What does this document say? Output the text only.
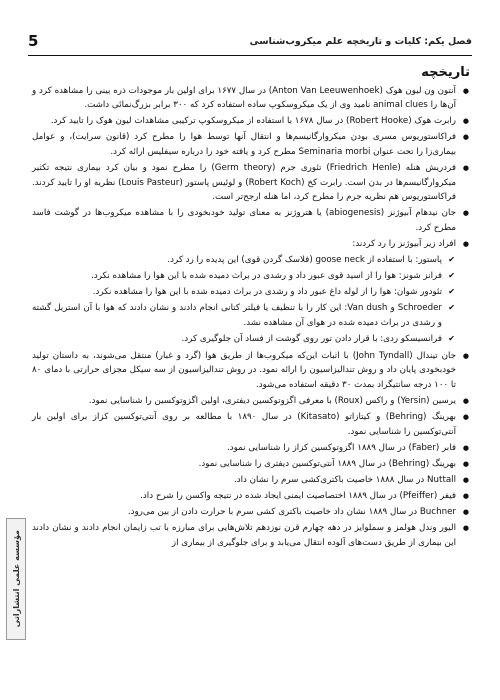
فصل یکم: کلیات و تاریخچه علم میکروب‌شناسی
5
مؤسسه علمی انتشاراتی
تاریخچه
● آنتون ون لیون هوک (Anton Van Leeuwenhoek) در سال ۱۶۷۷ برای اولین بار موجودات ذره بینی را مشاهده کرد و آن‌ها را animal clues نامید وی از یک میکروسکوپ ساده استفاده کرد که ۳۰۰ برابر بزرگ‌نمائی داشت.
● رابرت هوک (Robert Hooke) در سال ۱۶۷۸ با استفاده از میکروسکوپ ترکیبی مشاهدات لیون هوک را تایید کرد.
● فراکاستوریوس مسری بودن میکروارگانیسم‌ها و انتقال آنها توسط هوا را مطرح کرد (قانون سرایت)، و عوامل بیماری‌زا را تحت عنوان Seminaria morbi مطرح کرد و یافته خود را درباره سیفلیس ارائه کرد.
● فردریش هنله (Friedrich Henle) تئوری جرم (Germ theory) را مطرح نمود و بیان کرد بیماری نتیجه تکثیر میکروارگانیسم‌ها در بدن است. رابرت کخ (Robert Koch) و لوئیس پاستور (Louis Pasteur) نظریه او را تایید کردند. فراکاستوریوس هم نظریه جرم را مطرح کرد، اما هنله ارجح‌تر است.
● جان نیدهام آبیوژنز (abiogenesis) یا هتروژنز به معنای تولید خودبخودی را با مشاهده میکروب‌ها در گوشت فاسد مطرح کرد.
● افراد زیر آبیوژنز را رد کردند:
✔ پاستور: با استفاده از goose neck (فلاسک گردن قوی) این پدیده را رد کرد.
✔ فرانز شونز: هوا را از اسید قوی عبور داد و رشدی در براث دمیده شده با این هوا را مشاهده نکرد.
✔ تئودور شوان: هوا را از لوله داغ عبور داد و رشدی در براث دمیده شده با این هوا را مشاهده نکرد.
✔ Schroeder و Van dush: این کار را با تنظیف یا فیلتر کتانی انجام دادند و نشان دادند که هوا با آن استریل گشته و رشدی در براث دمیده شده در هوای آن مشاهده نشد.
✔ فرانسیسکو ردی: با قرار دادن تور روی گوشت از فساد آن جلوگیری کرد.
● جان تیندال (John Tyndall) با اثبات این‌که میکروب‌ها از طریق هوا (گرد و غبار) منتقل می‌شوند، به داستان تولید خودبخودی پایان داد و روش تندالیزاسیون را ارائه نمود. در روش تندالیزاسیون از سه سیکل مجزای حرارتی با دمای ۸۰ تا ۱۰۰ درجه سانتیگراد بمدت ۳۰ دقیقه استفاده می‌شود.
● یرسین (Yersin) و راکس (Roux) با معرفی اگزوتوکسین دیفتری، اولین اگزوتوکسین را شناسایی نمود.
● بهرینگ (Behring) و کیتازاتو (Kitasato) در سال ۱۸۹۰ با مطالعه بر روی آنتی‌توکسین کزاز برای اولین بار آنتی‌توکسین را شناسایی نمود.
● فابر (Faber) در سال ۱۸۸۹ اگزوتوکسین کزاز را شناسایی نمود.
● بهرینگ (Behring) در سال ۱۸۸۹ آنتی‌توکسین دیفتری را شناسایی نمود.
● Nuttall در سال ۱۸۸۸ خاصیت باکتری‌کشی سرم را نشان داد.
● فیفر (Pfeiffer) در سال ۱۸۸۹ اختصاصیت ایمنی ایجاد شده در نتیجه واکسن را شرح داد.
● Buchner در سال ۱۸۸۹ نشان داد خاصیت باکتری کشی سرم با حرارت دادن از بین می‌رود.
● الیور وندل هولمز و سملوایز در دهه چهارم قرن نوزدهم تلاش‌هایی برای مبارزه با تب زایمان انجام دادند و نشان دادند این بیماری از طریق دست‌های آلوده انتقال می‌یابد و برای جلوگیری از بیماری از
